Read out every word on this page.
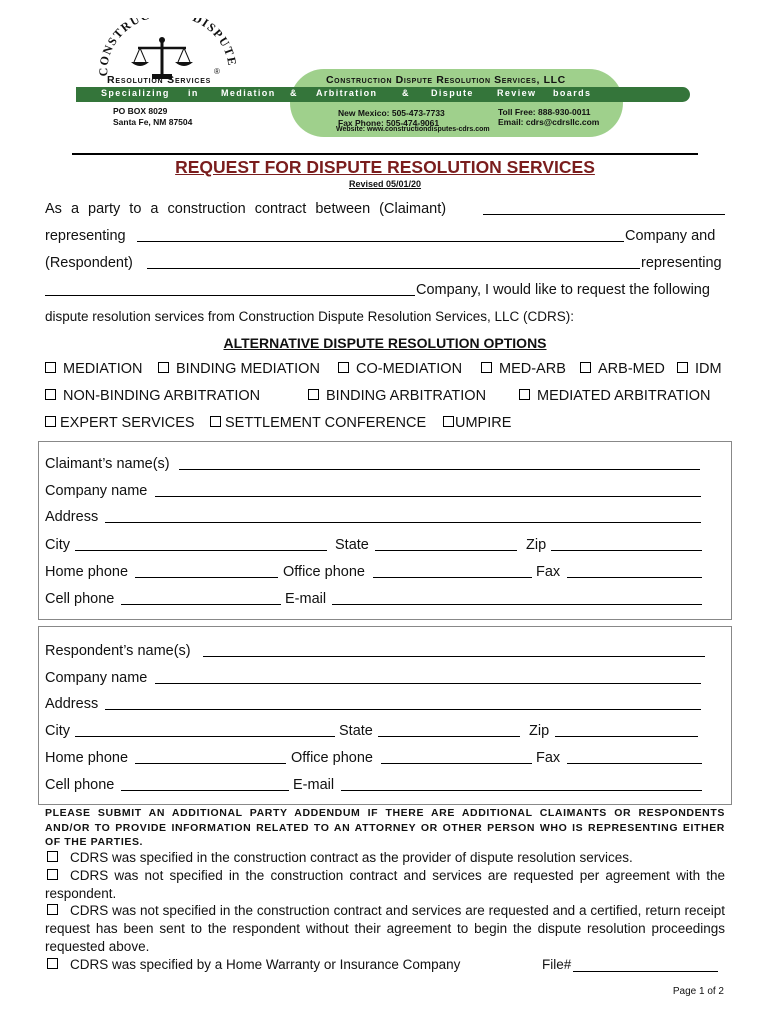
CONSTRU DISPUTE
®
Resolution Services	Construction Dispute Resolution Services, LLC
Specializing in Mediation & Arbitration	& Dispute	Review boards
PO BOX 8029
Santa Fe, NM 87504
New Mexico: 505-473-7733
Fax Phone: 505-474-9061
Website: www.constructiondisputes-cdrs.com
Toll Free: 888-930-0011
Email: cdrs@cdrsllc.com
REQUEST FOR DISPUTE RESOLUTION SERVICES
Revised 05/01/20
As a party to a construction contract between (Claimant)
representing	Company and
(Respondent)	representing
Company, I would like to request the following
dispute resolution services from Construction Dispute Resolution Services, LLC (CDRS):
ALTERNATIVE DISPUTE RESOLUTION OPTIONS
MEDIATION	BINDING MEDIATION	CO-MEDIATION	MED-ARB	ARB-MED	IDM
NON-BINDING ARBITRATION	BINDING ARBITRATION	MEDIATED ARBITRATION
EXPERT SERVICES	SETTLEMENT CONFERENCE	UMPIRE
Claimant’s name(s)
Company name
Address
City	State	Zip
Home phone	Office phone	Fax
Cell phone	E-mail
Respondent’s name(s)
Company name
Address
City	State	Zip
Home phone	Office phone	Fax
Cell phone	E-mail
PLEASE SUBMIT AN ADDITIONAL PARTY ADDENDUM IF THERE ARE ADDITIONAL CLAIMANTS OR RESPONDENTS AND/OR TO PROVIDE INFORMATION RELATED TO AN ATTORNEY OR OTHER PERSON WHO IS REPRESENTING EITHER OF THE PARTIES.
CDRS was specified in the construction contract as the provider of dispute resolution services.
CDRS was not specified in the construction contract and services are requested per agreement with the respondent.
CDRS was not specified in the construction contract and services are requested and a certified, return receipt request has been sent to the respondent without their agreement to begin the dispute resolution proceedings requested above.
CDRS was specified by a Home Warranty or Insurance Company	File#
Page 1 of 2
